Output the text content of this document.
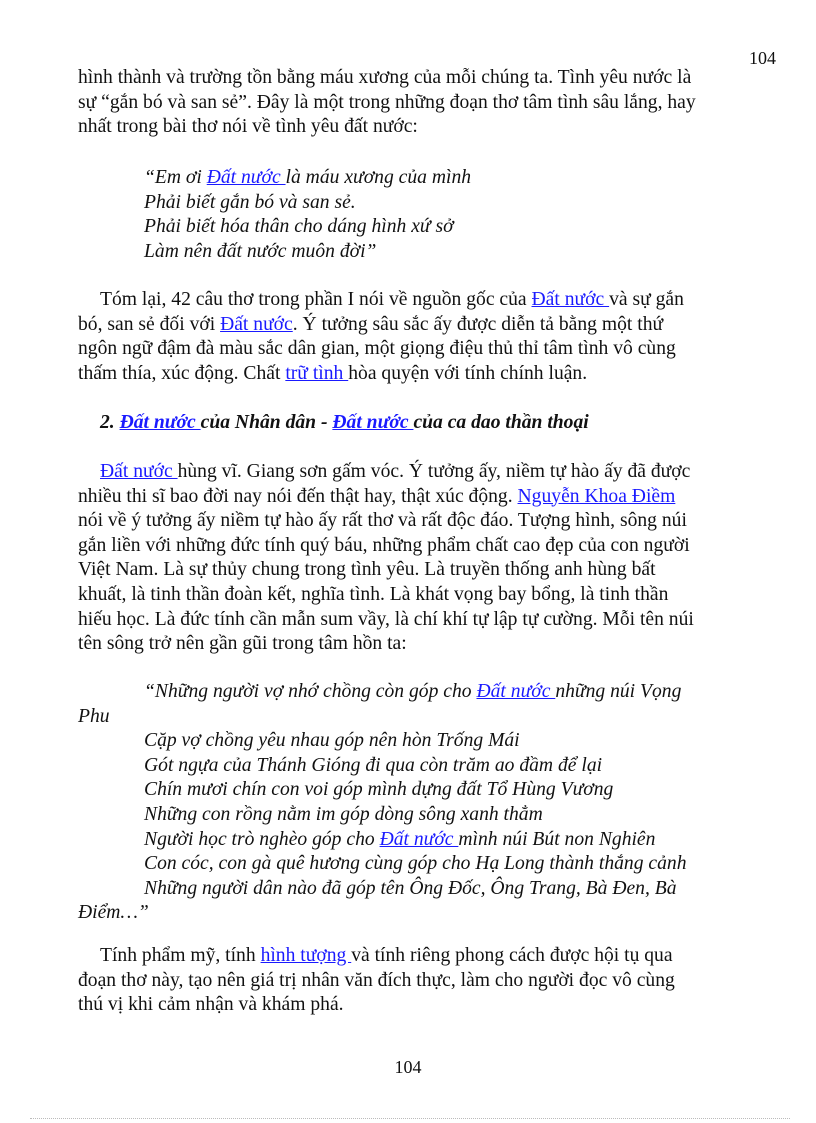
104
hình thành và trường tồn bằng máu xương của mỗi chúng ta. Tình yêu nước là
sự “gắn bó và san sẻ”. Đây là một trong những đoạn thơ tâm tình sâu lắng, hay
nhất trong bài thơ nói về tình yêu đất nước:
“Em ơi Đất nước là máu xương của mình
Phải biết gắn bó và san sẻ.
Phải biết hóa thân cho dáng hình xứ sở
Làm nên đất nước muôn đời”
Tóm lại, 42 câu thơ trong phần I nói về nguồn gốc của Đất nước và sự gắn
bó, san sẻ đối với Đất nước. Ý tưởng sâu sắc ấy được diễn tả bằng một thứ
ngôn ngữ đậm đà màu sắc dân gian, một giọng điệu thủ thỉ tâm tình vô cùng
thấm thía, xúc động. Chất trữ tình hòa quyện với tính chính luận.
2. Đất nước của Nhân dân - Đất nước của ca dao thần thoại
Đất nước hùng vĩ. Giang sơn gấm vóc. Ý tưởng ấy, niềm tự hào ấy đã được
nhiều thi sĩ bao đời nay nói đến thật hay, thật xúc động. Nguyễn Khoa Điềm
nói về ý tưởng ấy niềm tự hào ấy rất thơ và rất độc đáo. Tượng hình, sông núi
gắn liền với những đức tính quý báu, những phẩm chất cao đẹp của con người
Việt Nam. Là sự thủy chung trong tình yêu. Là truyền thống anh hùng bất
khuất, là tinh thần đoàn kết, nghĩa tình. Là khát vọng bay bổng, là tinh thần
hiếu học. Là đức tính cần mẫn sum vầy, là chí khí tự lập tự cường. Mỗi tên núi
tên sông trở nên gần gũi trong tâm hồn ta:
“Những người vợ nhớ chồng còn góp cho Đất nước những núi Vọng
Phu
Cặp vợ chồng yêu nhau góp nên hòn Trống Mái
Gót ngựa của Thánh Gióng đi qua còn trăm ao đầm để lại
Chín mươi chín con voi góp mình dựng đất Tổ Hùng Vương
Những con rồng nằm im góp dòng sông xanh thẳm
Người học trò nghèo góp cho Đất nước mình núi Bút non Nghiên
Con cóc, con gà quê hương cùng góp cho Hạ Long thành thắng cảnh
Những người dân nào đã góp tên Ông Đốc, Ông Trang, Bà Đen, Bà
Điểm…”
Tính phẩm mỹ, tính hình tượng và tính riêng phong cách được hội tụ qua
đoạn thơ này, tạo nên giá trị nhân văn đích thực, làm cho người đọc vô cùng
thú vị khi cảm nhận và khám phá.
104
